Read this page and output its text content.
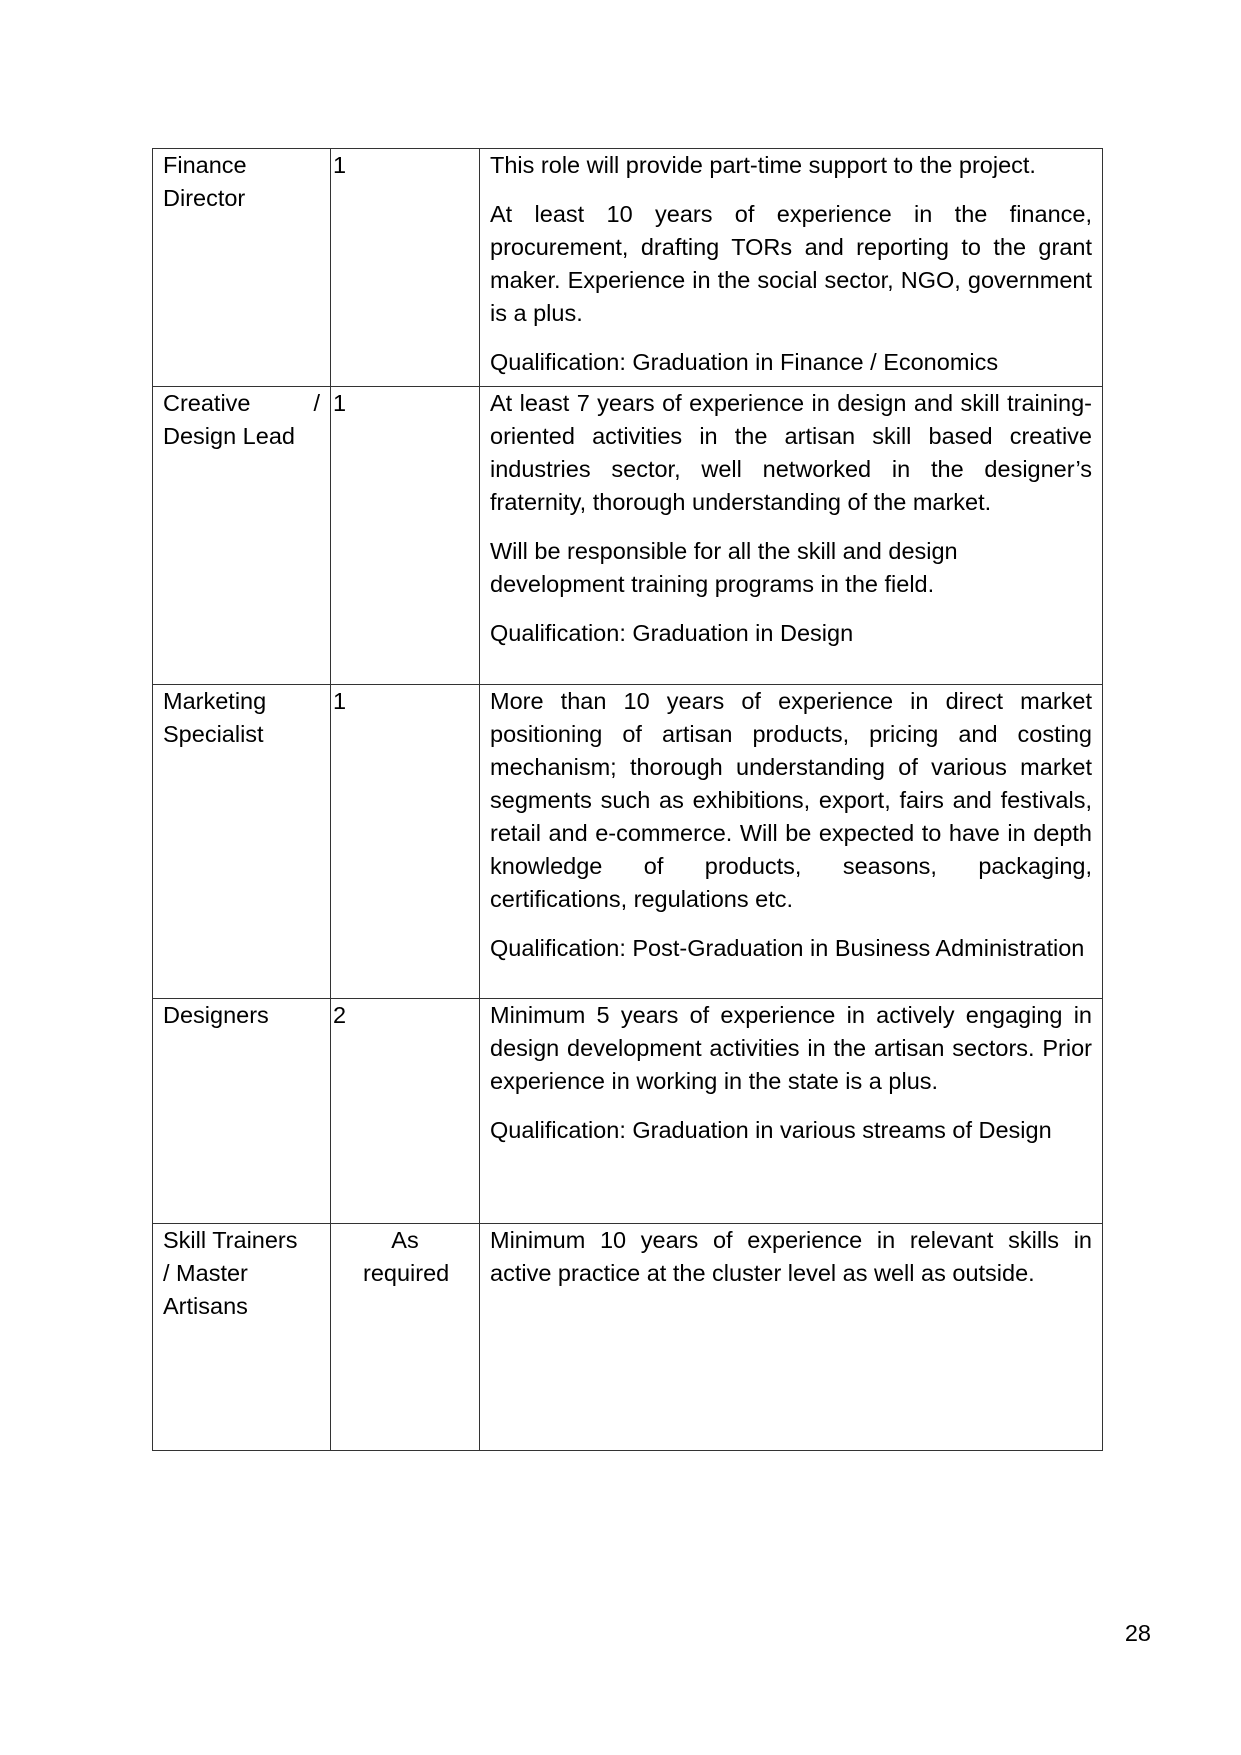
Finance Director	1	This role will provide part-time support to the project.

At least 10 years of experience in the finance, procurement, drafting TORs and reporting to the grant maker. Experience in the social sector, NGO, government is a plus.

Qualification: Graduation in Finance / Economics

Creative / Design Lead	1	At least 7 years of experience in design and skill training-oriented activities in the artisan skill based creative industries sector, well networked in the designer’s fraternity, thorough understanding of the market.

Will be responsible for all the skill and design development training programs in the field.

Qualification: Graduation in Design

Marketing Specialist	1	More than 10 years of experience in direct market positioning of artisan products, pricing and costing mechanism; thorough understanding of various market segments such as exhibitions, export, fairs and festivals, retail and e-commerce. Will be expected to have in depth knowledge of products, seasons, packaging, certifications, regulations etc.

Qualification: Post-Graduation in Business Administration

Designers	2	Minimum 5 years of experience in actively engaging in design development activities in the artisan sectors. Prior experience in working in the state is a plus.

Qualification: Graduation in various streams of Design

Skill Trainers
/ Master
Artisans	As required	Minimum 10 years of experience in relevant skills in active practice at the cluster level as well as outside.

28
